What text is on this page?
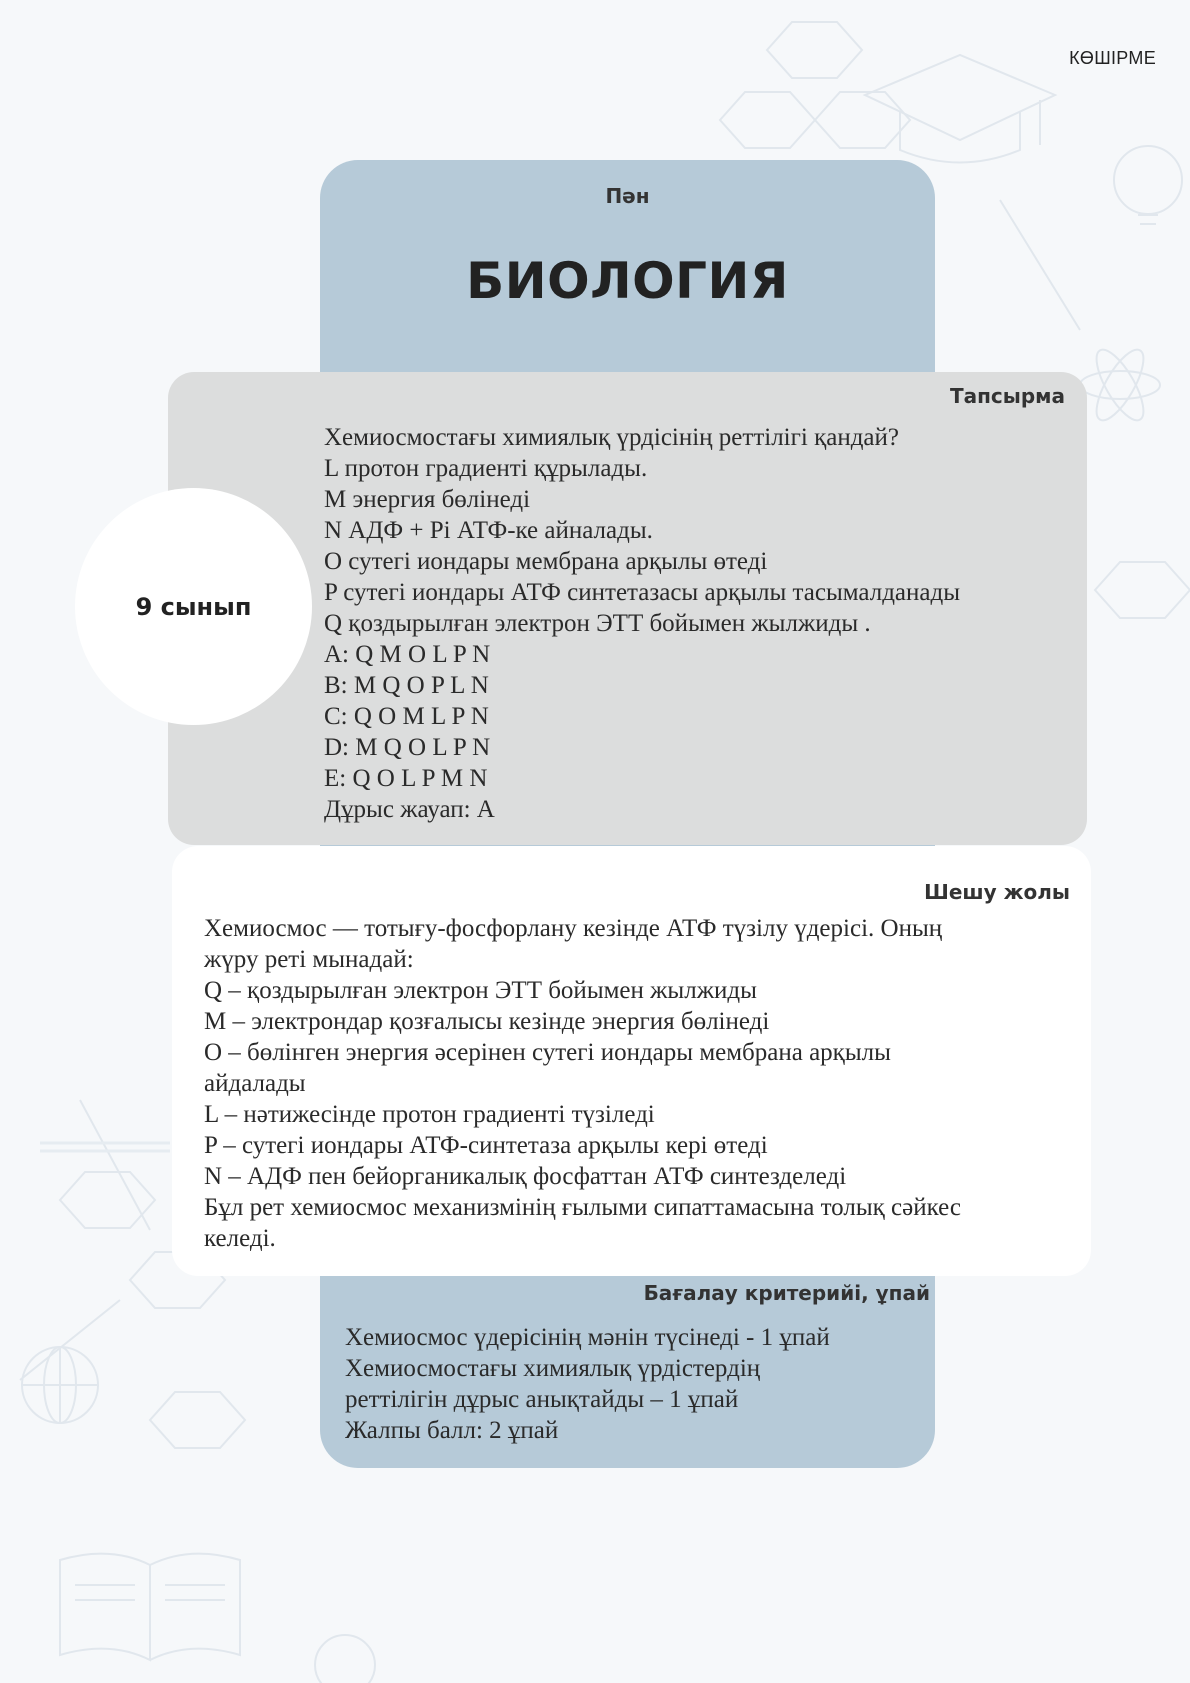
КӨШІРМЕ
Пән
БИОЛОГИЯ
Тапсырма
Хемиосмостағы химиялық үрдісінің реттілігі қандай?
L протон градиенті құрылады.
M энергия бөлінеді
N АДФ + Pi АТФ-ке айналады.
O сутегі иондары мембрана арқылы өтеді
P сутегі иондары АТФ синтетазасы арқылы тасымалданады
Q қоздырылған электрон ЭТТ бойымен жылжиды .
A: Q M O L P N
B: M Q O P L N
C: Q O M L P N
D: M Q O L P N
E: Q O L P M N
Дұрыс жауап: A
9 сынып
Шешу жолы
Хемиосмос — тотығу-фосфорлану кезінде АТФ түзілу үдерісі. Оның
жүру реті мынадай:
Q – қоздырылған электрон ЭТТ бойымен жылжиды
M – электрондар қозғалысы кезінде энергия бөлінеді
O – бөлінген энергия әсерінен сутегі иондары мембрана арқылы
айдалады
L – нәтижесінде протон градиенті түзіледі
P – сутегі иондары АТФ-синтетаза арқылы кері өтеді
N – АДФ пен бейорганикалық фосфаттан АТФ синтезделеді
Бұл рет хемиосмос механизмінің ғылыми сипаттамасына толық сәйкес
келеді.
Бағалау критерийі, ұпай
Хемиосмос үдерісінің мәнін түсінеді - 1 ұпай
Хемиосмостағы химиялық үрдістердің
реттілігін дұрыс анықтайды – 1 ұпай
Жалпы балл: 2 ұпай
